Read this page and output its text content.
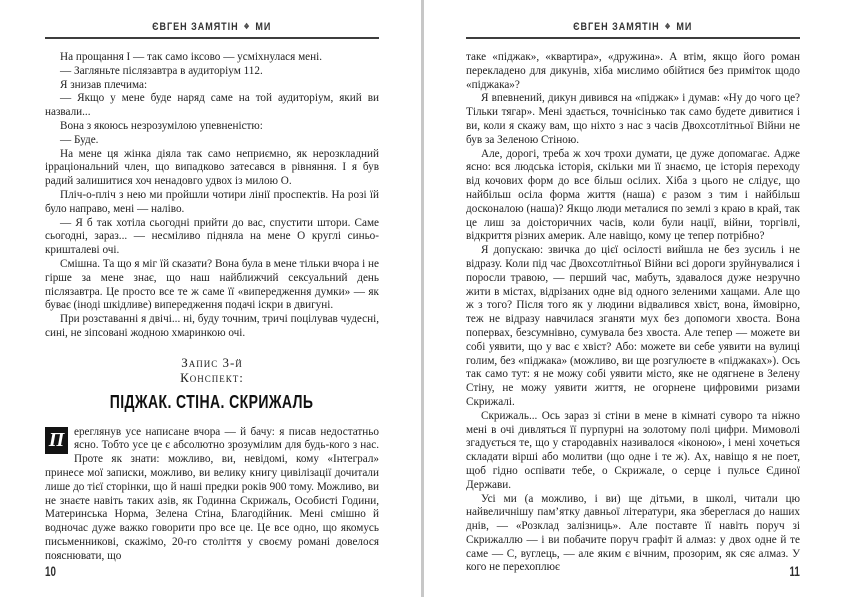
ЄВГЕН ЗАМЯТІН ❖ МИ

На прощання І — так само іксово — усміхнулася мені.

— Загляньте післязавтра в аудиторіум 112.

Я знизав плечима:

— Якщо у мене буде наряд саме на той аудиторіум, який ви назвали...

Вона з якоюсь незрозумілою упевненістю:

— Буде.

На мене ця жінка діяла так само неприємно, як нерозкладний ірраціональний член, що випадково затесався в рівняння. І я був радий залишитися хоч ненадовго удвох із милою О.

Пліч-о-пліч з нею ми пройшли чотири лінії проспектів. На розі їй було направо, мені — наліво.

— Я б так хотіла сьогодні прийти до вас, спустити штори. Саме сьогодні, зараз... — несміливо підняла на мене О круглі синьо-кришталеві очі.

Смішна. Та що я міг їй сказати? Вона була в мене тільки вчора і не гірше за мене знає, що наш найближчий сексуальний день післязавтра. Це просто все те ж саме її «випередження думки» — як буває (іноді шкідливе) випередження подачі іскри в двигуні.

При розставанні я двічі... ні, буду точним, тричі поцілував чудесні, сині, не зіпсовані жодною хмаринкою очі.

Запис 3-й
Конспект:
ПІДЖАК. СТІНА. СКРИЖАЛЬ

П ереглянув усе написане вчора — й бачу: я писав недостатньо ясно. Тобто усе це є абсолютно зрозумілим для будь-кого з нас. Проте як знати: можливо, ви, невідомі, кому «Інтеграл» принесе мої записки, можливо, ви велику книгу цивілізації дочитали лише до тієї сторінки, що й наші предки років 900 тому. Можливо, ви не знаєте навіть таких азів, як Годинна Скрижаль, Особисті Години, Материнська Норма, Зелена Стіна, Благодійник. Мені смішно й водночас дуже важко говорити про все це. Це все одно, що якомусь письменникові, скажімо, 20-го століття у своєму романі довелося пояснювати, що

10
ЄВГЕН ЗАМЯТІН ❖ МИ

таке «піджак», «квартира», «дружина». А втім, якщо його роман перекладено для дикунів, хіба мислимо обійтися без приміток щодо «піджака»?

Я впевнений, дикун дивився на «піджак» і думав: «Ну до чого це? Тільки тягар». Мені здається, точнісінько так само будете дивитися і ви, коли я скажу вам, що ніхто з нас з часів Двохсотлітньої Війни не був за Зеленою Стіною.

Але, дорогі, треба ж хоч трохи думати, це дуже допомагає. Адже ясно: вся людська історія, скільки ми її знаємо, це історія переходу від кочових форм до все більш осілих. Хіба з цього не слідує, що найбільш осіла форма життя (наша) є разом з тим і найбільш досконалою (наша)? Якщо люди металися по землі з краю в край, так це лиш за доісторичних часів, коли були нації, війни, торгівлі, відкриття різних америк. Але навіщо, кому це тепер потрібно?

Я допускаю: звичка до цієї осілості вийшла не без зусиль і не відразу. Коли під час Двохсотлітньої Війни всі дороги зруйнувалися і поросли травою, — перший час, мабуть, здавалося дуже незручно жити в містах, відрізаних одне від одного зеленими хащами. Але що ж з того? Після того як у людини відвалився хвіст, вона, ймовірно, теж не відразу навчилася зганяти мух без допомоги хвоста. Вона попервах, безсумнівно, сумувала без хвоста. Але тепер — можете ви собі уявити, що у вас є хвіст? Або: можете ви себе уявити на вулиці голим, без «піджака» (можливо, ви ще розгулюєте в «піджаках»). Ось так само тут: я не можу собі уявити місто, яке не одягнене в Зелену Стіну, не можу уявити життя, не огорнене цифровими ризами Скрижалі.

Скрижаль... Ось зараз зі стіни в мене в кімнаті суворо та ніжно мені в очі дивляться її пурпурні на золотому полі цифри. Мимоволі згадується те, що у стародавніх називалося «іконою», і мені хочеться складати вірші або молитви (що одне і те ж). Ах, навіщо я не поет, щоб гідно оспівати тебе, о Скрижале, о серце і пульсе Єдиної Держави.

Усі ми (а можливо, і ви) ще дітьми, в школі, читали цю найвеличнішу пам’ятку давньої літератури, яка збереглася до наших днів, — «Розклад залізниць». Але поставте її навіть поруч зі Скрижаллю — і ви побачите поруч графіт й алмаз: у двох одне й те саме — С, вуглець, — але яким є вічним, прозорим, як сяє алмаз. У кого не перехоплює	11
